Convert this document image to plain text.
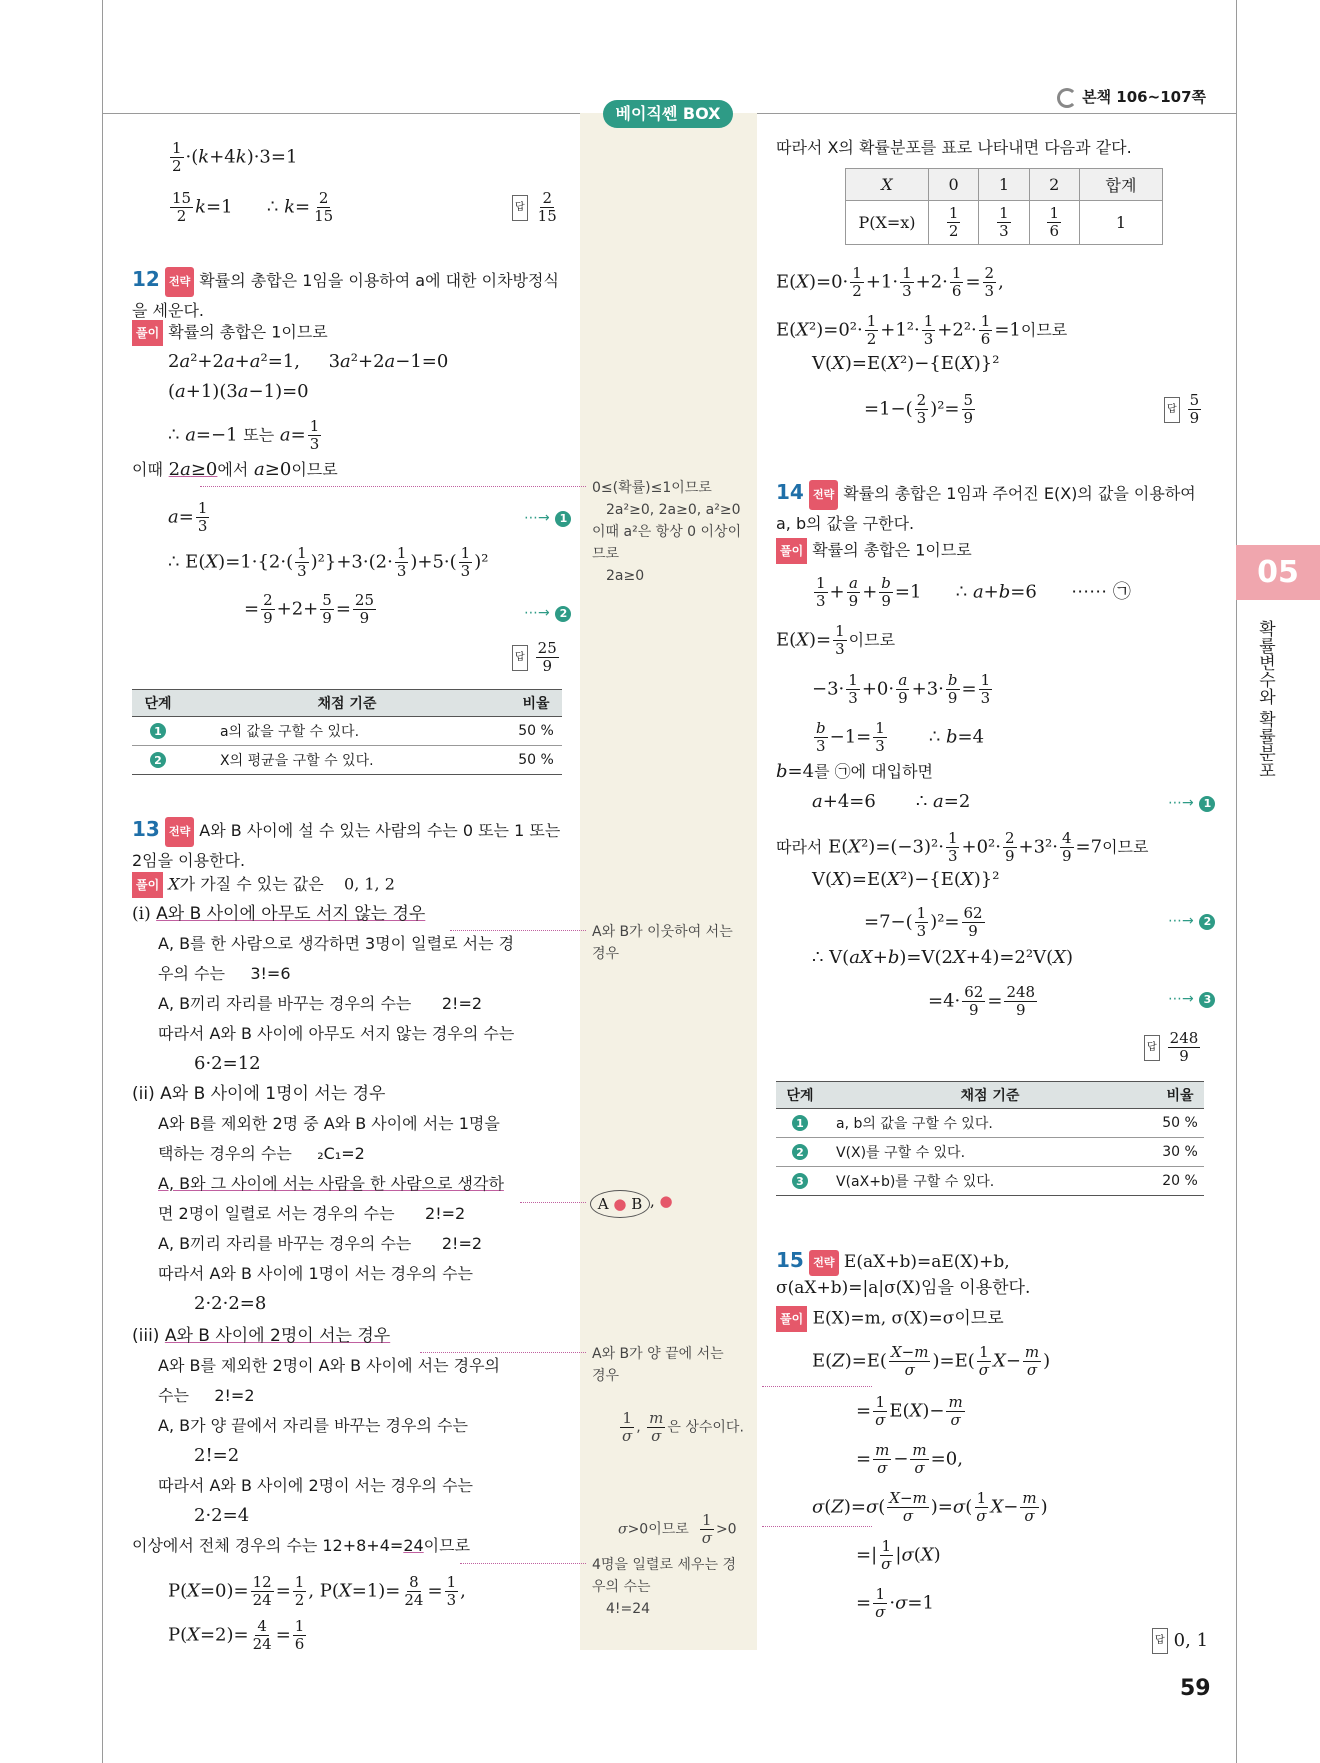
본책 106~107쪽
베이직쎈 BOX
05
확률변수와 확률분포
$\frac{1}{2} \cdot(k+4k)\cdot 3=1$
$\frac{15}{2} k=1$      ∴ $k= \frac{2}{15}$	답 $\frac{2}{15}$
12 전략 확률의 총합은 1임을 이용하여 a에 대한 이차방정식을 세운다.
풀이 확률의 총합은 1이므로
2a²+2a+a²=1,     3a²+2a−1=0
(a+1)(3a−1)=0
∴ a=−1 또는 $a= \frac{1}{3}$
이때 2a≥0에서 a≥0이므로
$a= \frac{1}{3}$	⋯→ 1
∴ $E(X)=1\cdot\{2\cdot( \frac{1}{3} )^2\}+3\cdot(2\cdot \frac{1}{3} )+5\cdot( \frac{1}{3} )^2$
= $\frac{2}{9} +2+ \frac{5}{9} = \frac{25}{9}$	⋯→ 2
답 $\frac{25}{9}$
0≤(확률)≤1이므로
2a²≥0, 2a≥0, a²≥0
이때 a²은 항상 0 이상이
므로
2a≥0
단계	채점 기준	비율
1	a의 값을 구할 수 있다.	50 %
2	X의 평균을 구할 수 있다.	50 %
13 전략 A와 B 사이에 설 수 있는 사람의 수는 0 또는 1 또는 2임을 이용한다.
풀이 X가 가질 수 있는 값은    0, 1, 2
(i) A와 B 사이에 아무도 서지 않는 경우
A, B를 한 사람으로 생각하면 3명이 일렬로 서는 경
우의 수는     3!=6
A, B끼리 자리를 바꾸는 경우의 수는      2!=2
따라서 A와 B 사이에 아무도 서지 않는 경우의 수는
6·2=12
A와 B가 이웃하여 서는
경우
(ii) A와 B 사이에 1명이 서는 경우
A와 B를 제외한 2명 중 A와 B 사이에 서는 1명을
택하는 경우의 수는     ₂C₁=2
A, B와 그 사이에 서는 사람을 한 사람으로 생각하
면 2명이 일렬로 서는 경우의 수는      2!=2
A, B끼리 자리를 바꾸는 경우의 수는      2!=2
따라서 A와 B 사이에 1명이 서는 경우의 수는
2·2·2=8
A ● B , ●
(iii) A와 B 사이에 2명이 서는 경우
A와 B를 제외한 2명이 A와 B 사이에 서는 경우의
수는     2!=2
A, B가 양 끝에서 자리를 바꾸는 경우의 수는
2!=2
따라서 A와 B 사이에 2명이 서는 경우의 수는
2·2=4
이상에서 전체 경우의 수는 12+8+4=24이므로
A와 B가 양 끝에 서는
경우
$\frac{1}{\sigma}$ , $\frac{m}{\sigma}$ 은 상수이다.
σ>0이므로 $\frac{1}{\sigma} >0$
4명을 일렬로 세우는 경
우의 수는
4!=24
$P(X=0)= \frac{12}{24} = \frac{1}{2}$ , $P(X=1)= \frac{8}{24} = \frac{1}{3}$ ,
$P(X=2)= \frac{4}{24} = \frac{1}{6}$
따라서 X의 확률분포를 표로 나타내면 다음과 같다.
X	0	1	2	합계
P(X=x)	$\frac{1}{2}$	$\frac{1}{3}$	$\frac{1}{6}$	1
$E(X)=0\cdot \frac{1}{2} +1\cdot \frac{1}{3} +2\cdot \frac{1}{6} = \frac{2}{3}$ ,
$E(X^2)=0^2\cdot \frac{1}{2} +1^2\cdot \frac{1}{3} +2^2\cdot \frac{1}{6} =1$이므로
V(X)=E(X²)−{E(X)}²
$=1-( \frac{2}{3} )^2= \frac{5}{9}$	답 $\frac{5}{9}$
14 전략 확률의 총합은 1임과 주어진 E(X)의 값을 이용하여 a, b의 값을 구한다.
풀이 확률의 총합은 1이므로
$\frac{1}{3} + \frac{a}{9} + \frac{b}{9} =1$      ∴ a+b=6      ⋯⋯ ㉠
$E(X)= \frac{1}{3}$ 이므로
$-3\cdot \frac{1}{3} +0\cdot \frac{a}{9} +3\cdot \frac{b}{9} = \frac{1}{3}$
$\frac{b}{3} -1= \frac{1}{3}$ ∴ b=4
b=4를 ㉠에 대입하면
a+4=6       ∴ a=2	⋯→ 1
따라서 $E(X^2)=(-3)^2\cdot \frac{1}{3} +0^2\cdot \frac{2}{9} +3^2\cdot \frac{4}{9} =7$이므로
V(X)=E(X²)−{E(X)}²
$=7-( \frac{1}{3} )^2= \frac{62}{9}$	⋯→ 2
∴ V(aX+b)=V(2X+4)=2²V(X)
$=4\cdot \frac{62}{9} = \frac{248}{9}$	⋯→ 3
답 $\frac{248}{9}$
단계	채점 기준	비율
1	a, b의 값을 구할 수 있다.	50 %
2	V(X)를 구할 수 있다.	30 %
3	V(aX+b)를 구할 수 있다.	20 %
15 전략 E(aX+b)=aE(X)+b,
σ(aX+b)=|a|σ(X)임을 이용한다.
풀이 E(X)=m, σ(X)=σ이므로
$E(Z)=E( \frac{X-m}{\sigma} )=E( \frac{1}{\sigma} X- \frac{m}{\sigma}$ )
= $\frac{1}{\sigma} E(X)- \frac{m}{\sigma}$
= $\frac{m}{\sigma} - \frac{m}{\sigma} =0$,
$\sigma(Z)=\sigma( \frac{X-m}{\sigma} )=\sigma( \frac{1}{\sigma} X- \frac{m}{\sigma}$ )
=| $\frac{1}{\sigma} |\sigma(X)$
= $\frac{1}{\sigma} \cdot\sigma=1$
답 0, 1
59
